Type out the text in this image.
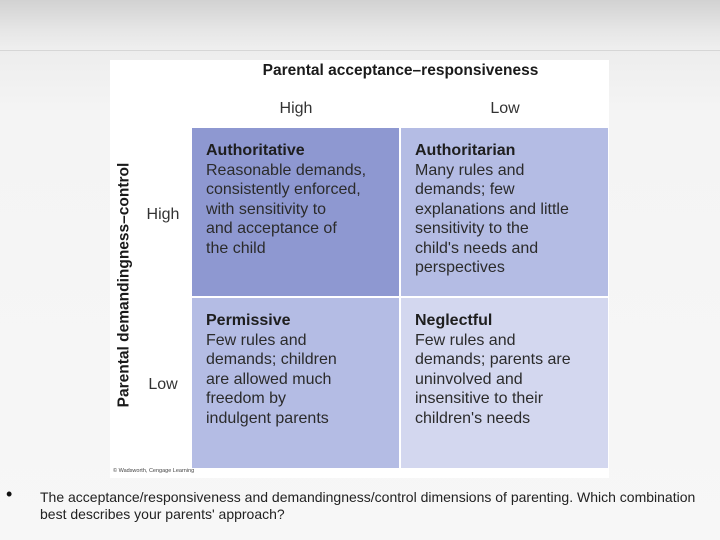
Parental acceptance–responsiveness
High	Low
Parental demandingness–control High
Low
Authoritative
Reasonable demands,
consistently enforced,
with sensitivity to
and acceptance of
the child
Authoritarian
Many rules and
demands; few
explanations and little
sensitivity to the
child's needs and
perspectives
Permissive
Few rules and
demands; children
are allowed much
freedom by
indulgent parents
Neglectful
Few rules and
demands; parents are
uninvolved and
insensitive to their
children's needs
© Wadsworth, Cengage Learning
• The acceptance/responsiveness and demandingness/control dimensions of parenting. Which combination best describes your parents' approach?
